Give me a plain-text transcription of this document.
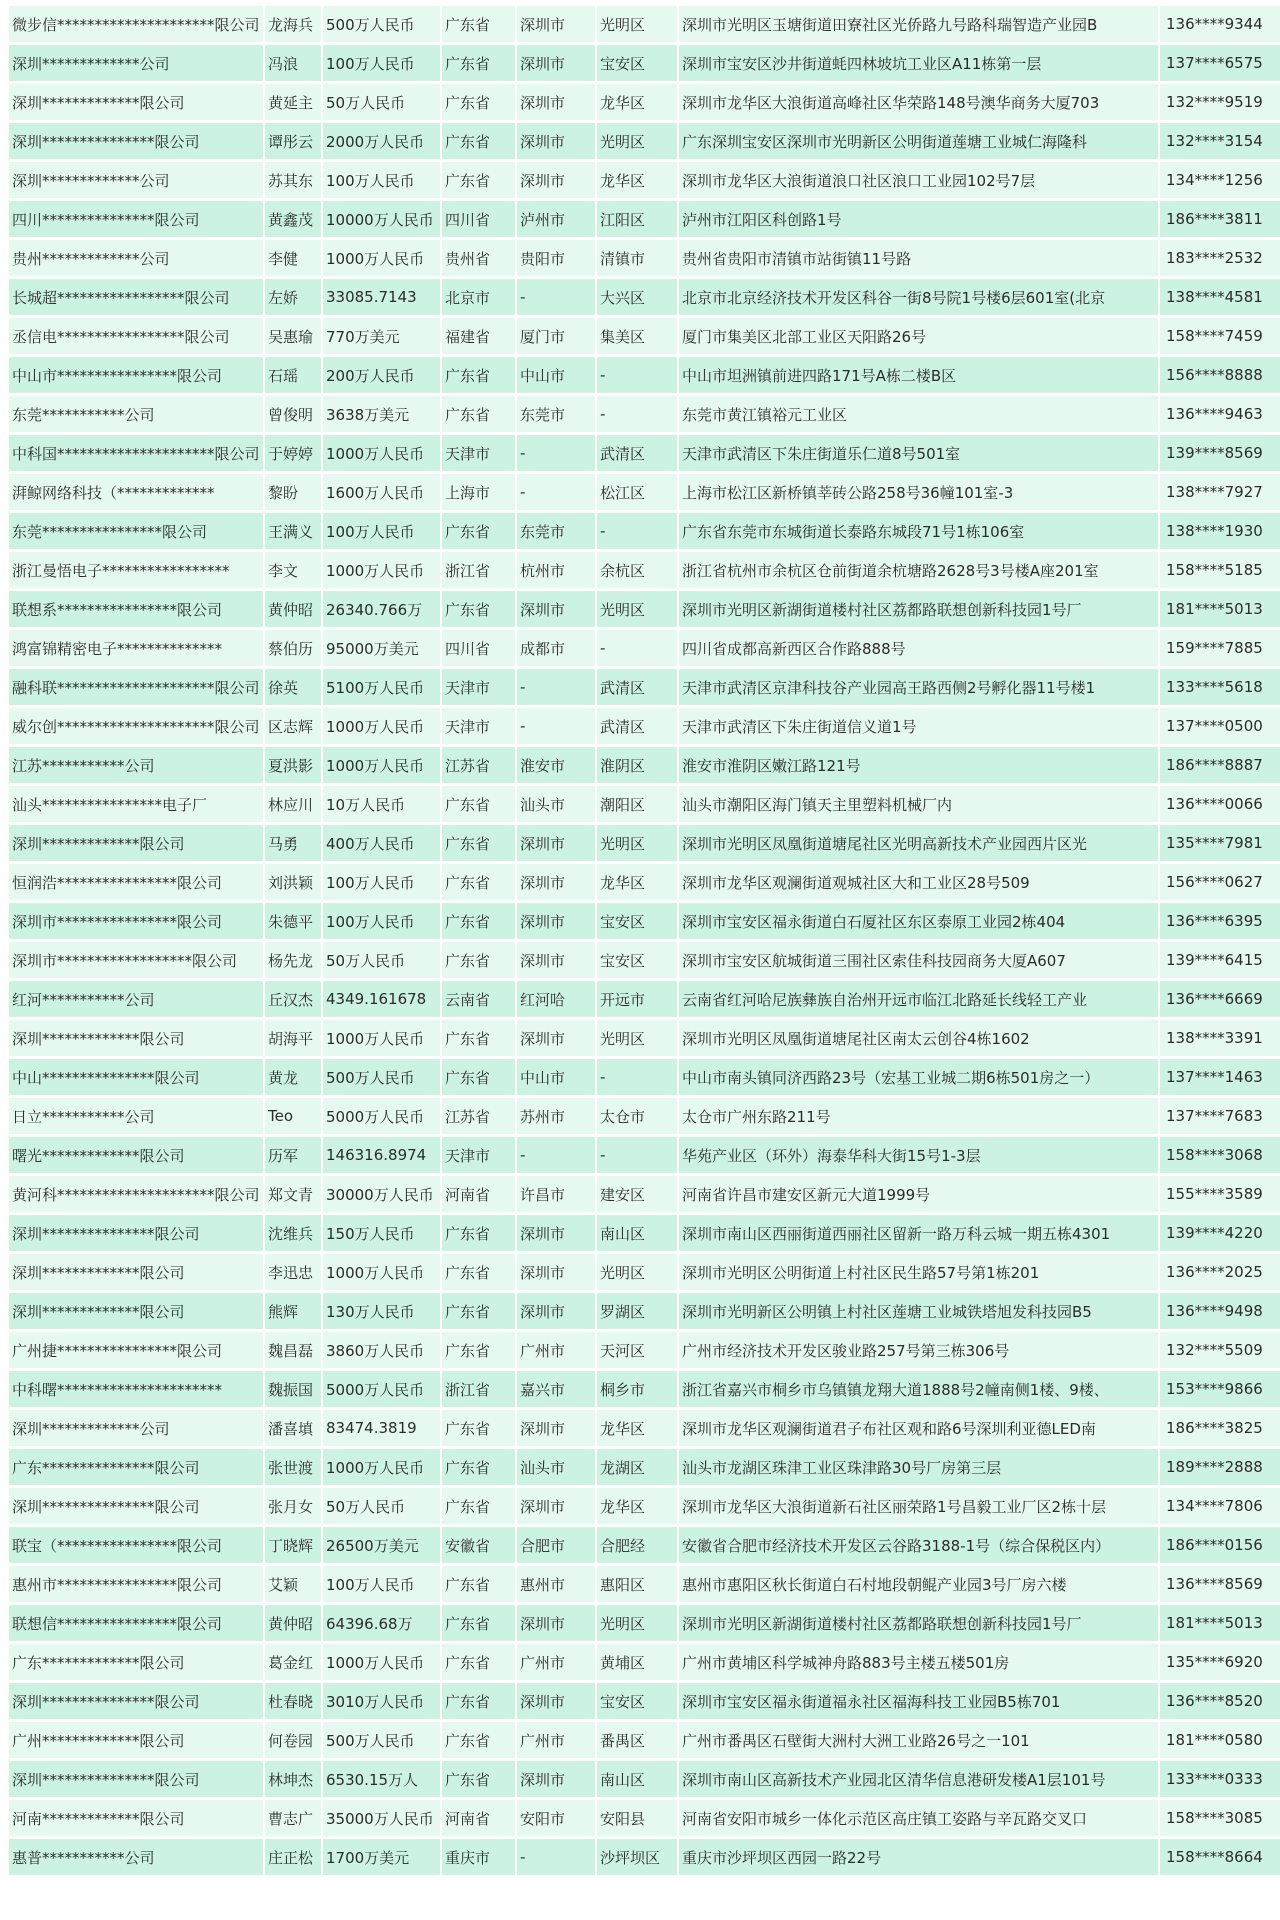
微步信*********************限公司	龙海兵	500万人民币	广东省	深圳市	光明区	深圳市光明区玉塘街道田寮社区光侨路九号路科瑞智造产业园B	136****9344
深圳*************公司	冯浪	100万人民币	广东省	深圳市	宝安区	深圳市宝安区沙井街道蚝四林坡坑工业区A11栋第一层	137****6575
深圳*************限公司	黄延主	50万人民币	广东省	深圳市	龙华区	深圳市龙华区大浪街道高峰社区华荣路148号澳华商务大厦703	132****9519
深圳***************限公司	谭彤云	2000万人民币	广东省	深圳市	光明区	广东深圳宝安区深圳市光明新区公明街道莲塘工业城仁海隆科	132****3154
深圳*************公司	苏其东	100万人民币	广东省	深圳市	龙华区	深圳市龙华区大浪街道浪口社区浪口工业园102号7层	134****1256
四川***************限公司	黄鑫茂	10000万人民币	四川省	泸州市	江阳区	泸州市江阳区科创路1号	186****3811
贵州*************公司	李健	1000万人民币	贵州省	贵阳市	清镇市	贵州省贵阳市清镇市站街镇11号路	183****2532
长城超*****************限公司	左娇	33085.7143	北京市	-	大兴区	北京市北京经济技术开发区科谷一街8号院1号楼6层601室(北京	138****4581
丞信电*****************限公司	吴惠瑜	770万美元	福建省	厦门市	集美区	厦门市集美区北部工业区天阳路26号	158****7459
中山市****************限公司	石瑶	200万人民币	广东省	中山市	-	中山市坦洲镇前进四路171号A栋二楼B区	156****8888
东莞***********公司	曾俊明	3638万美元	广东省	东莞市	-	东莞市黄江镇裕元工业区	136****9463
中科国*********************限公司	于婷婷	1000万人民币	天津市	-	武清区	天津市武清区下朱庄街道乐仁道8号501室	139****8569
湃鲸网络科技（*************	黎盼	1600万人民币	上海市	-	松江区	上海市松江区新桥镇莘砖公路258号36幢101室-3	138****7927
东莞****************限公司	王满义	100万人民币	广东省	东莞市	-	广东省东莞市东城街道长泰路东城段71号1栋106室	138****1930
浙江曼悟电子*****************	李文	1000万人民币	浙江省	杭州市	余杭区	浙江省杭州市余杭区仓前街道余杭塘路2628号3号楼A座201室	158****5185
联想系****************限公司	黄仲昭	26340.766万	广东省	深圳市	光明区	深圳市光明区新湖街道楼村社区荔都路联想创新科技园1号厂	181****5013
鸿富锦精密电子**************	蔡伯历	95000万美元	四川省	成都市	-	四川省成都高新西区合作路888号	159****7885
融科联*********************限公司	徐英	5100万人民币	天津市	-	武清区	天津市武清区京津科技谷产业园高王路西侧2号孵化器11号楼1	133****5618
威尔创*********************限公司	区志辉	1000万人民币	天津市	-	武清区	天津市武清区下朱庄街道信义道1号	137****0500
江苏***********公司	夏洪影	1000万人民币	江苏省	淮安市	淮阴区	淮安市淮阴区嫩江路121号	186****8887
汕头****************电子厂	林应川	10万人民币	广东省	汕头市	潮阳区	汕头市潮阳区海门镇天主里塑料机械厂内	136****0066
深圳*************限公司	马勇	400万人民币	广东省	深圳市	光明区	深圳市光明区凤凰街道塘尾社区光明高新技术产业园西片区光	135****7981
恒润浩****************限公司	刘洪颖	100万人民币	广东省	深圳市	龙华区	深圳市龙华区观澜街道观城社区大和工业区28号509	156****0627
深圳市****************限公司	朱德平	100万人民币	广东省	深圳市	宝安区	深圳市宝安区福永街道白石厦社区东区泰原工业园2栋404	136****6395
深圳市******************限公司	杨先龙	50万人民币	广东省	深圳市	宝安区	深圳市宝安区航城街道三围社区索佳科技园商务大厦A607	139****6415
红河***********公司	丘汉杰	4349.161678	云南省	红河哈	开远市	云南省红河哈尼族彝族自治州开远市临江北路延长线轻工产业	136****6669
深圳*************限公司	胡海平	1000万人民币	广东省	深圳市	光明区	深圳市光明区凤凰街道塘尾社区南太云创谷4栋1602	138****3391
中山***************限公司	黄龙	500万人民币	广东省	中山市	-	中山市南头镇同济西路23号（宏基工业城二期6栋501房之一）	137****1463
日立***********公司	Teo	5000万人民币	江苏省	苏州市	太仓市	太仓市广州东路211号	137****7683
曙光*************限公司	历军	146316.8974	天津市	-	-	华苑产业区（环外）海泰华科大街15号1-3层	158****3068
黄河科*********************限公司	郑文青	30000万人民币	河南省	许昌市	建安区	河南省许昌市建安区新元大道1999号	155****3589
深圳***************限公司	沈维兵	150万人民币	广东省	深圳市	南山区	深圳市南山区西丽街道西丽社区留新一路万科云城一期五栋4301	139****4220
深圳*************限公司	李迅忠	1000万人民币	广东省	深圳市	光明区	深圳市光明区公明街道上村社区民生路57号第1栋201	136****2025
深圳*************限公司	熊辉	130万人民币	广东省	深圳市	罗湖区	深圳市光明新区公明镇上村社区莲塘工业城铁塔旭发科技园B5	136****9498
广州捷****************限公司	魏昌磊	3860万人民币	广东省	广州市	天河区	广州市经济技术开发区骏业路257号第三栋306号	132****5509
中科曙**********************	魏振国	5000万人民币	浙江省	嘉兴市	桐乡市	浙江省嘉兴市桐乡市乌镇镇龙翔大道1888号2幢南侧1楼、9楼、	153****9866
深圳*************公司	潘喜填	83474.3819	广东省	深圳市	龙华区	深圳市龙华区观澜街道君子布社区观和路6号深圳利亚德LED南	186****3825
广东***************限公司	张世渡	1000万人民币	广东省	汕头市	龙湖区	汕头市龙湖区珠津工业区珠津路30号厂房第三层	189****2888
深圳***************限公司	张月女	50万人民币	广东省	深圳市	龙华区	深圳市龙华区大浪街道新石社区丽荣路1号昌毅工业厂区2栋十层	134****7806
联宝（****************限公司	丁晓辉	26500万美元	安徽省	合肥市	合肥经	安徽省合肥市经济技术开发区云谷路3188-1号（综合保税区内）	186****0156
惠州市****************限公司	艾颖	100万人民币	广东省	惠州市	惠阳区	惠州市惠阳区秋长街道白石村地段朝鲲产业园3号厂房六楼	136****8569
联想信****************限公司	黄仲昭	64396.68万	广东省	深圳市	光明区	深圳市光明区新湖街道楼村社区荔都路联想创新科技园1号厂	181****5013
广东*************限公司	葛金红	1000万人民币	广东省	广州市	黄埔区	广州市黄埔区科学城神舟路883号主楼五楼501房	135****6920
深圳***************限公司	杜春晓	3010万人民币	广东省	深圳市	宝安区	深圳市宝安区福永街道福永社区福海科技工业园B5栋701	136****8520
广州*************限公司	何卷园	500万人民币	广东省	广州市	番禺区	广州市番禺区石壁街大洲村大洲工业路26号之一101	181****0580
深圳***************限公司	林坤杰	6530.15万人	广东省	深圳市	南山区	深圳市南山区高新技术产业园北区清华信息港研发楼A1层101号	133****0333
河南*************限公司	曹志广	35000万人民币	河南省	安阳市	安阳县	河南省安阳市城乡一体化示范区高庄镇工姿路与辛瓦路交叉口	158****3085
惠普***********公司	庄正松	1700万美元	重庆市	-	沙坪坝区	重庆市沙坪坝区西园一路22号	158****8664
